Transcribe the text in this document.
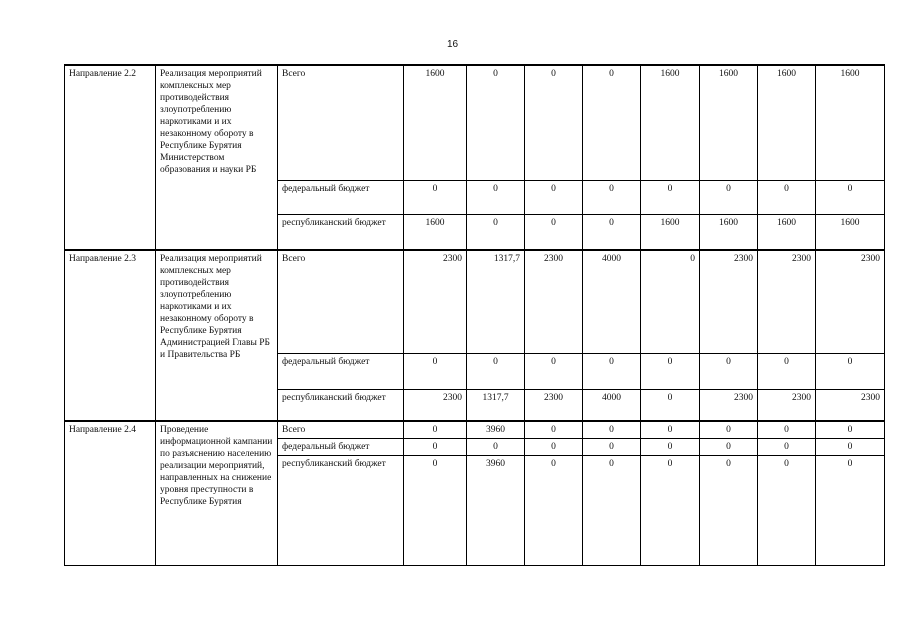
16
Направление 2.2	Реализация мероприятий комплексных мер противодействия злоупотреблению наркотиками и их незаконному обороту в Республике Бурятия Министерством образования и науки РБ	Всего	1600	0	0	0	1600	1600	1600	1600
		федеральный бюджет	0	0	0	0	0	0	0	0
		республиканский бюджет	1600	0	0	0	1600	1600	1600	1600
Направление 2.3	Реализация мероприятий комплексных мер противодействия злоупотреблению наркотиками и их незаконному обороту в Республике Бурятия Администрацией Главы РБ и Правительства РБ	Всего	2300	1317,7	2300	4000	0	2300	2300	2300
		федеральный бюджет	0	0	0	0	0	0	0	0
		республиканский бюджет	2300	1317,7	2300	4000	0	2300	2300	2300
Направление 2.4	Проведение информационной кампании по разъяснению населению реализации мероприятий, направленных на снижение уровня преступности в Республике Бурятия	Всего	0	3960	0	0	0	0	0	0
		федеральный бюджет	0	0	0	0	0	0	0	0
		республиканский бюджет	0	3960	0	0	0	0	0	0
